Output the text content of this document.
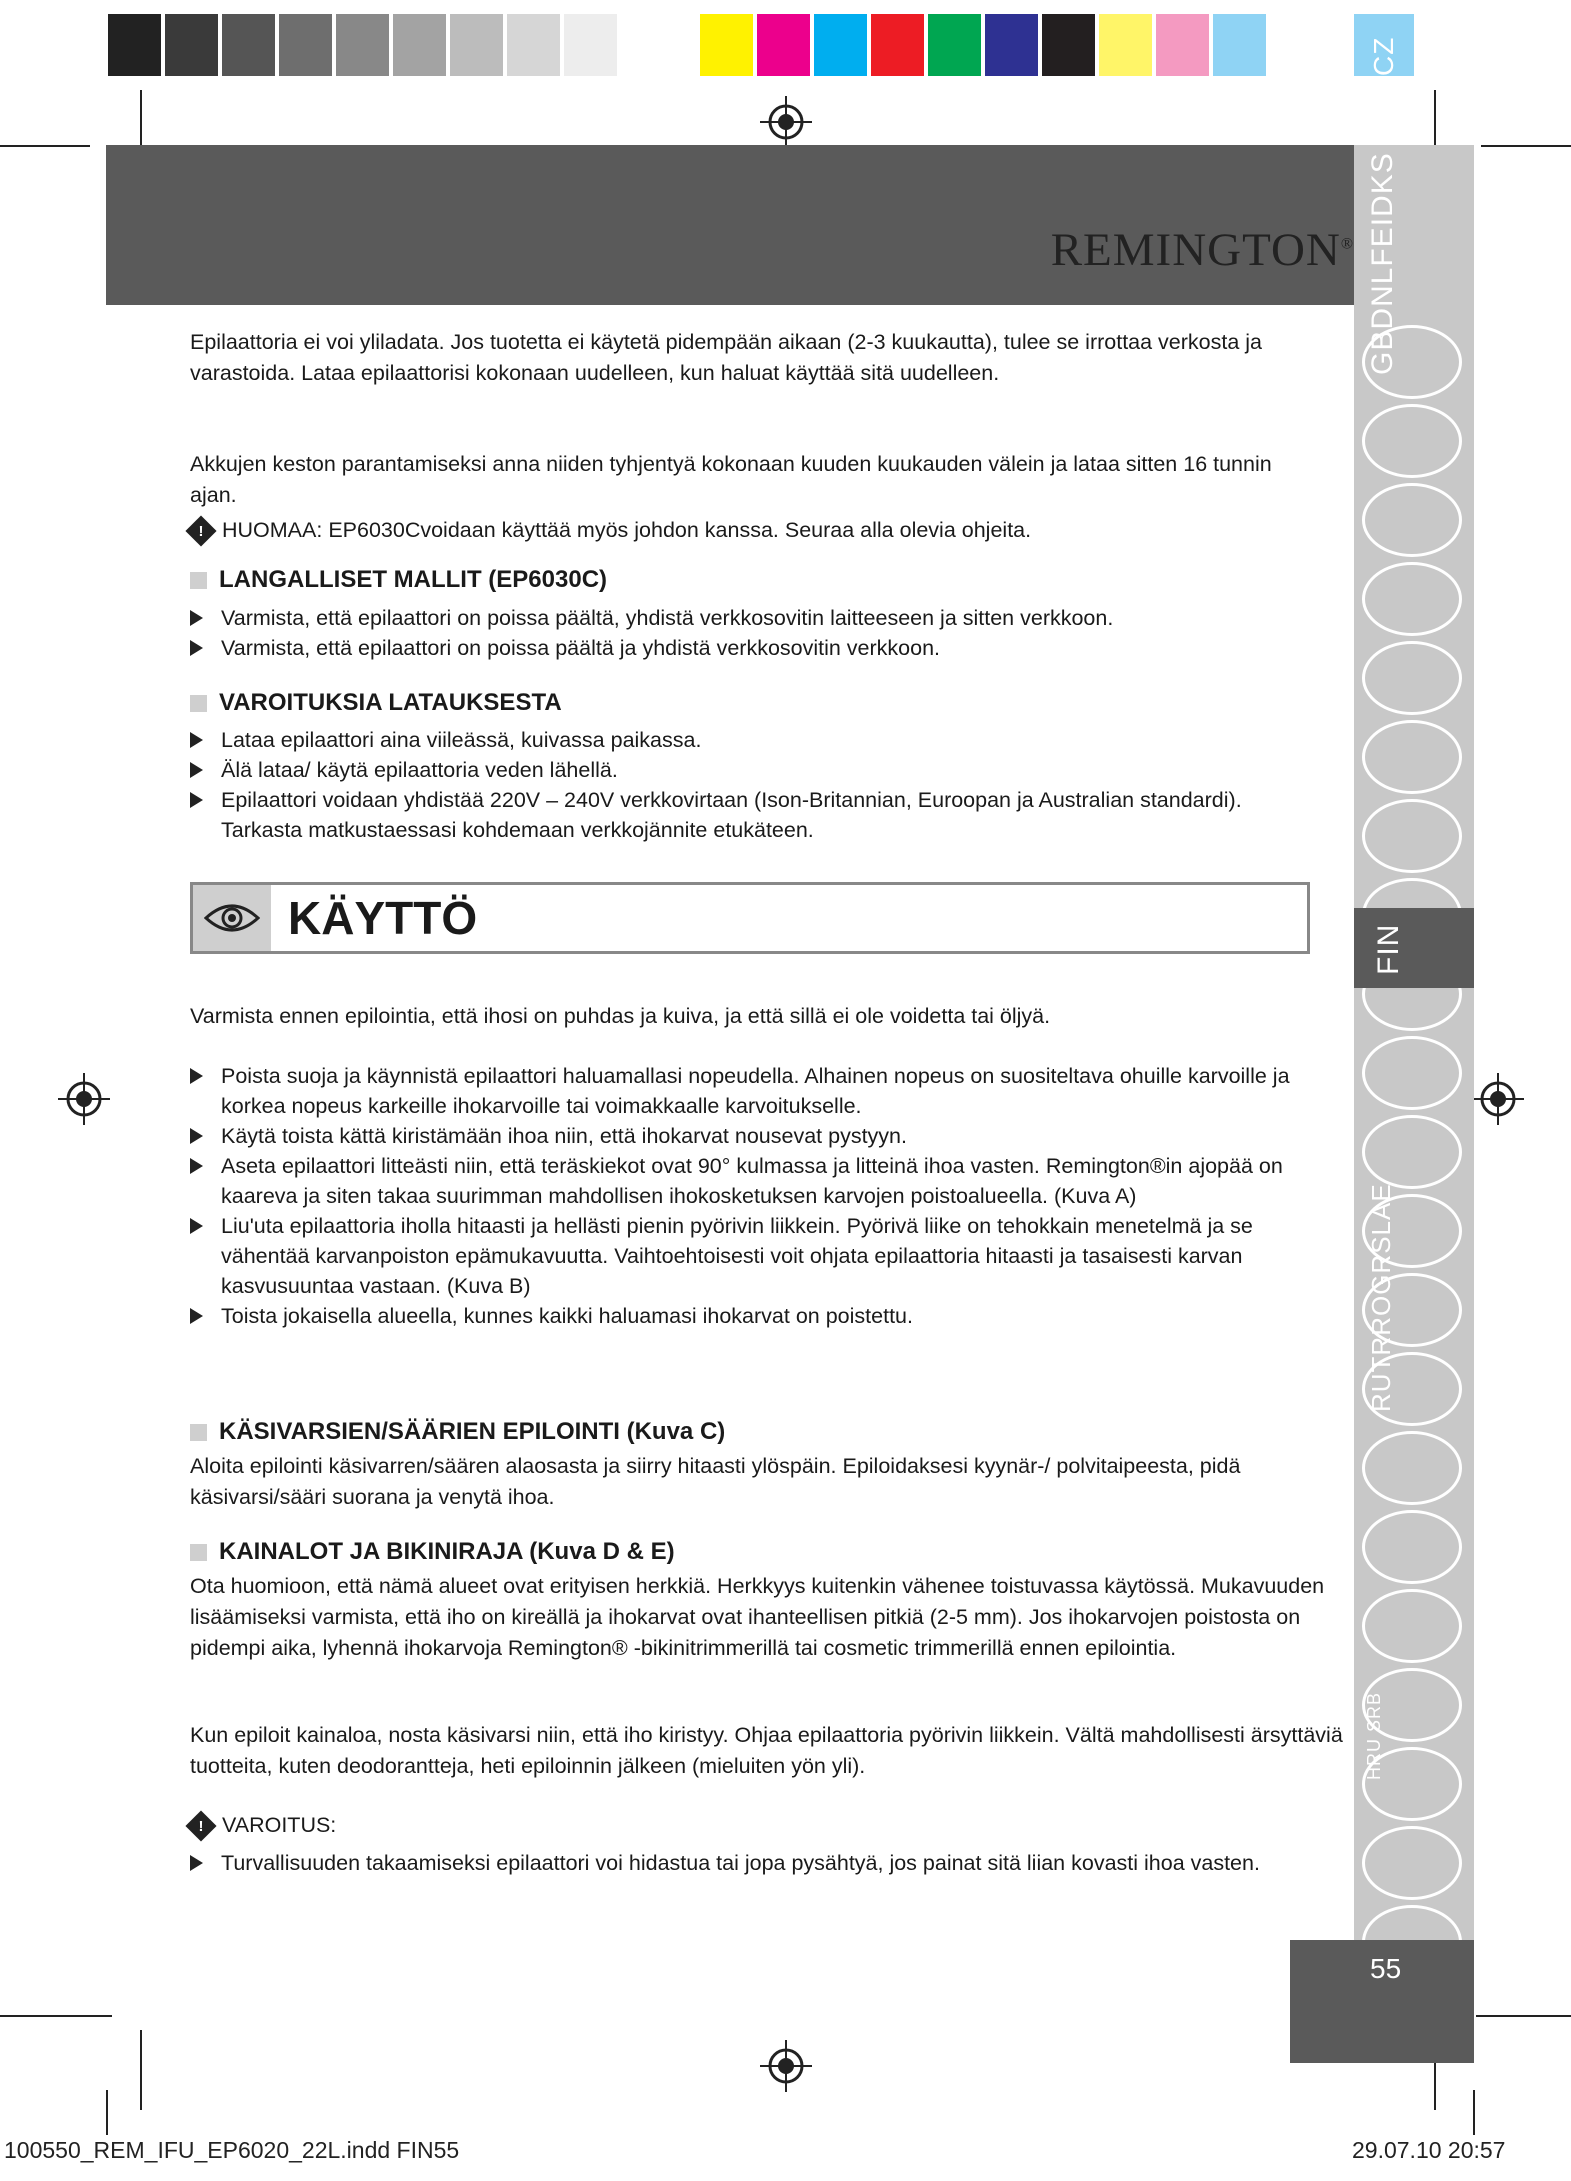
REMINGTON®
CZ
GBDNLFEIDKS
FIN
RUTRROGRSLAE
HRU SRB
55
Epilaattoria ei voi yliladata. Jos tuotetta ei käytetä pidempään aikaan (2-3 kuukautta), tulee se irrottaa verkosta ja varastoida. Lataa epilaattorisi kokonaan uudelleen, kun haluat käyttää sitä uudelleen.
Akkujen keston parantamiseksi anna niiden tyhjentyä kokonaan kuuden kuukauden välein ja lataa sitten 16 tunnin ajan.
! HUOMAA: EP6030Cvoidaan käyttää myös johdon kanssa. Seuraa alla olevia ohjeita.
LANGALLISET MALLIT (EP6030C)
Varmista, että epilaattori on poissa päältä, yhdistä verkkosovitin laitteeseen ja sitten verkkoon.
Varmista, että epilaattori on poissa päältä ja yhdistä verkkosovitin verkkoon.
VAROITUKSIA LATAUKSESTA
Lataa epilaattori aina viileässä, kuivassa paikassa.
Älä lataa/ käytä epilaattoria veden lähellä.
Epilaattori voidaan yhdistää 220V – 240V verkkovirtaan (Ison-Britannian, Euroopan ja Australian standardi). Tarkasta matkustaessasi kohdemaan verkkojännite etukäteen.
KÄYTTÖ
Varmista ennen epilointia, että ihosi on puhdas ja kuiva, ja että sillä ei ole voidetta tai öljyä.
Poista suoja ja käynnistä epilaattori haluamallasi nopeudella. Alhainen nopeus on suositeltava ohuille karvoille ja korkea nopeus karkeille ihokarvoille tai voimakkaalle karvoitukselle.
Käytä toista kättä kiristämään ihoa niin, että ihokarvat nousevat pystyyn.
Aseta epilaattori litteästi niin, että teräskiekot ovat 90° kulmassa ja litteinä ihoa vasten. Remington®in ajopää on kaareva ja siten takaa suurimman mahdollisen ihokosketuksen karvojen poistoalueella. (Kuva A)
Liu'uta epilaattoria iholla hitaasti ja hellästi pienin pyörivin liikkein. Pyörivä liike on tehokkain menetelmä ja se vähentää karvanpoiston epämukavuutta. Vaihtoehtoisesti voit ohjata epilaattoria hitaasti ja tasaisesti karvan kasvusuuntaa vastaan. (Kuva B)
Toista jokaisella alueella, kunnes kaikki haluamasi ihokarvat on poistettu.
KÄSIVARSIEN/SÄÄRIEN EPILOINTI (Kuva C)
Aloita epilointi käsivarren/säären alaosasta ja siirry hitaasti ylöspäin. Epiloidaksesi kyynär-/ polvitaipeesta, pidä käsivarsi/sääri suorana ja venytä ihoa.
KAINALOT JA BIKINIRAJA (Kuva D & E)
Ota huomioon, että nämä alueet ovat erityisen herkkiä. Herkkyys kuitenkin vähenee toistuvassa käytössä. Mukavuuden lisäämiseksi varmista, että iho on kireällä ja ihokarvat ovat ihanteellisen pitkiä (2-5 mm). Jos ihokarvojen poistosta on pidempi aika, lyhennä ihokarvoja Remington® -bikinitrimmerillä tai cosmetic trimmerillä ennen epilointia.
Kun epiloit kainaloa, nosta käsivarsi niin, että iho kiristyy. Ohjaa epilaattoria pyörivin liikkein. Vältä mahdollisesti ärsyttäviä tuotteita, kuten deodorantteja, heti epiloinnin jälkeen (mieluiten yön yli).
! VAROITUS:
Turvallisuuden takaamiseksi epilaattori voi hidastua tai jopa pysähtyä, jos painat sitä liian kovasti ihoa vasten.
100550_REM_IFU_EP6020_22L.indd FIN55	29.07.10 20:57
